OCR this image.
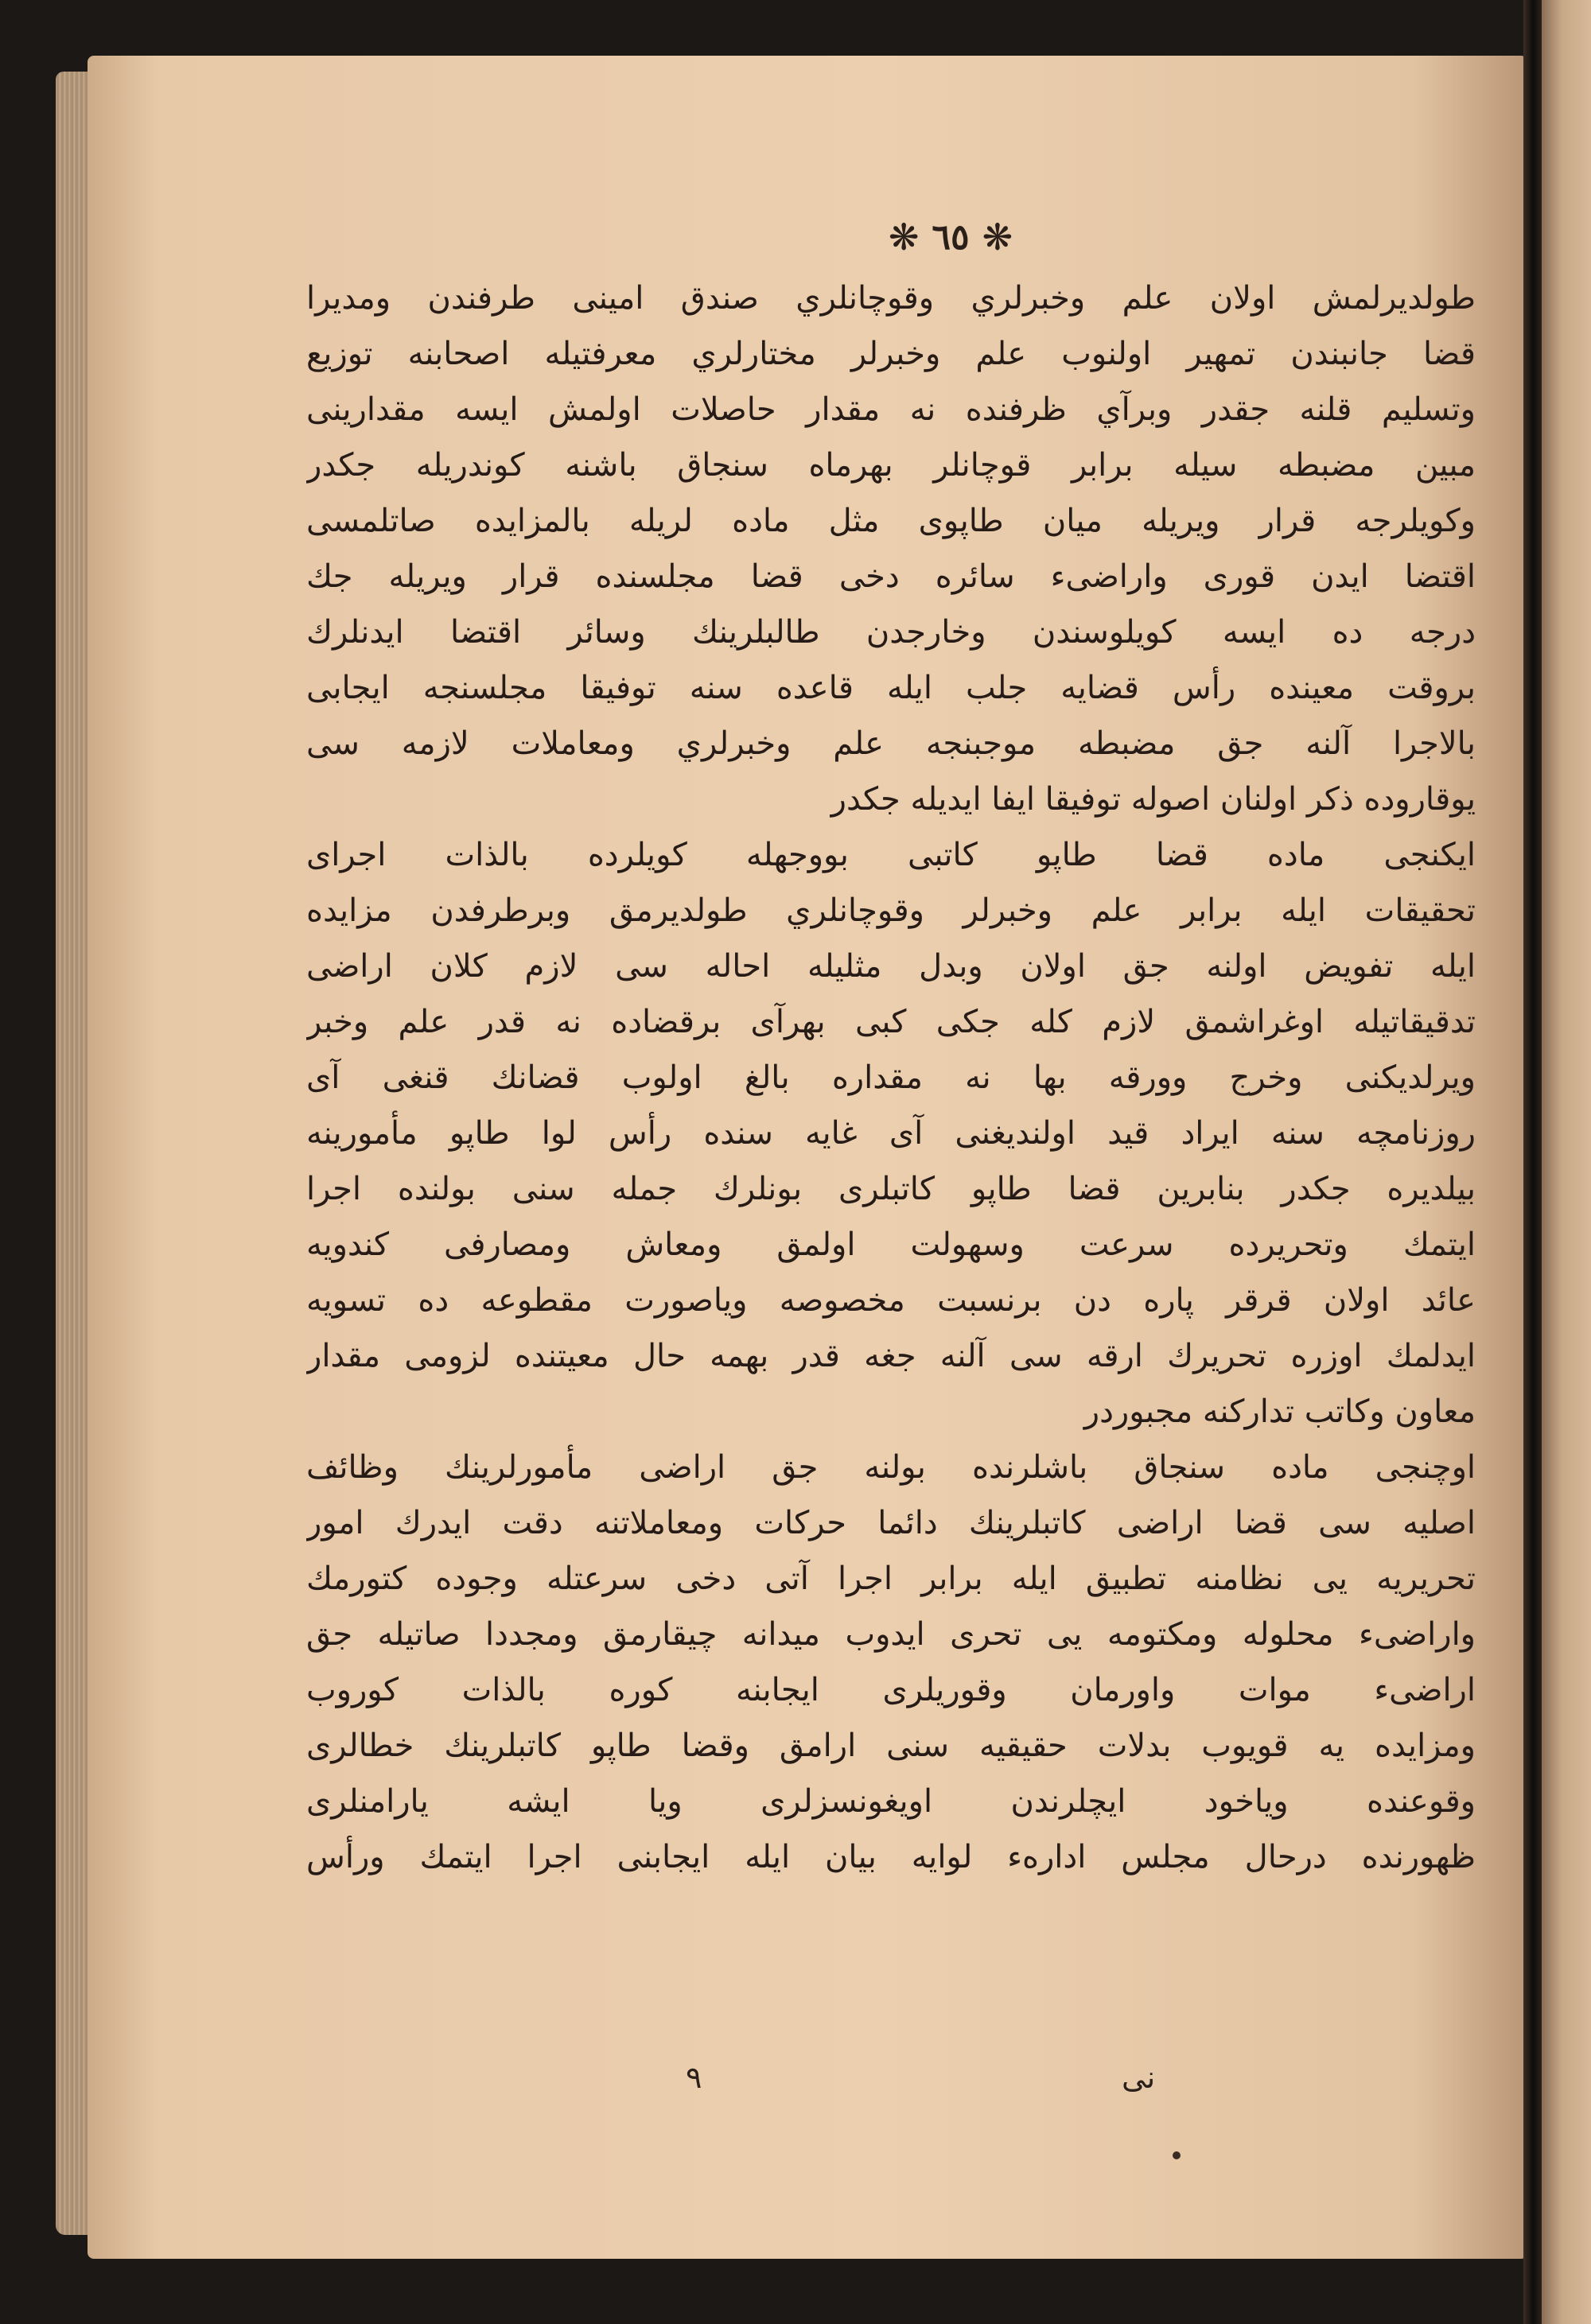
❋ ٦٥ ❋
طولديرلمش اولان علم وخبرلري وقوچانلري صندق امينى طرفندن ومديرا
قضا جانبندن تمهير اولنوب علم وخبرلر مختارلري معرفتيله اصحابنه توزيع
وتسليم قلنه جقدر وبرآي ظرفنده نه مقدار حاصلات اولمش ايسه مقدارينى
مبين مضبطه سيله برابر قوچانلر بهرماه سنجاق باشنه كوندريله جكدر
وكويلرجه قرار ويريله ميان طاپوى مثل ماده لريله بالمزايده صاتلمسى
اقتضا ايدن قورى واراضىء سائره دخى قضا مجلسنده قرار ويريله جك
درجه ده ايسه كويلوسندن وخارجدن طالبلرينك وسائر اقتضا ايدنلرك
بروقت معينده رأس قضايه جلب ايله قاعده سنه توفيقا مجلسنجه ايجابى
بالاجرا آلنه جق مضبطه موجبنجه علم وخبرلري ومعاملات لازمه سى
يوقاروده ذكر اولنان اصوله توفيقا ايفا ايديله جكدر
ايكنجى ماده قضا طاپو كاتبى بووجهله كويلرده بالذات اجراى
تحقيقات ايله برابر علم وخبرلر وقوچانلري طولديرمق وبرطرفدن مزايده
ايله تفويض اولنه جق اولان وبدل مثليله احاله سى لازم كلان اراضى
تدقيقاتيله اوغراشمق لازم كله جكى كبى بهرآى برقضاده نه قدر علم وخبر
ويرلديكنى وخرج وورقه بها نه مقداره بالغ اولوب قضانك قنغى آى
روزنامچه سنه ايراد قيد اولنديغنى آى غايه سنده رأس لوا طاپو مأمورينه
بيلديره جكدر بنابرين قضا طاپو كاتبلرى بونلرك جمله سنى بولنده اجرا
ايتمك وتحريرده سرعت وسهولت اولمق ومعاش ومصارفى كندويه
عائد اولان قرقر پاره دن برنسبت مخصوصه وياصورت مقطوعه ده تسويه
ايدلمك اوزره تحريرك ارقه سى آلنه جغه قدر بهمه حال معيتنده لزومى مقدار
معاون وكاتب تداركنه مجبوردر
اوچنجى ماده سنجاق باشلرنده بولنه جق اراضى مأمورلرينك وظائف
اصليه سى قضا اراضى كاتبلرينك دائما حركات ومعاملاتنه دقت ايدرك امور
تحريريه يى نظامنه تطبيق ايله برابر اجرا آتى دخى سرعتله وجوده كتورمك
واراضىء محلوله ومكتومه يى تحرى ايدوب ميدانه چيقارمق ومجددا صاتيله جق
اراضىء موات واورمان وقوريلرى ايجابنه كوره بالذات كوروب
ومزايده يه قويوب بدلات حقيقيه سنى ارامق وقضا طاپو كاتبلرينك خطالرى
وقوعنده وياخود ايچلرندن اويغونسزلرى ويا ايشه يارامنلرى
ظهورنده درحال مجلس ادارهء لوايه بيان ايله ايجابنى اجرا ايتمك ورأس
٩	نى
